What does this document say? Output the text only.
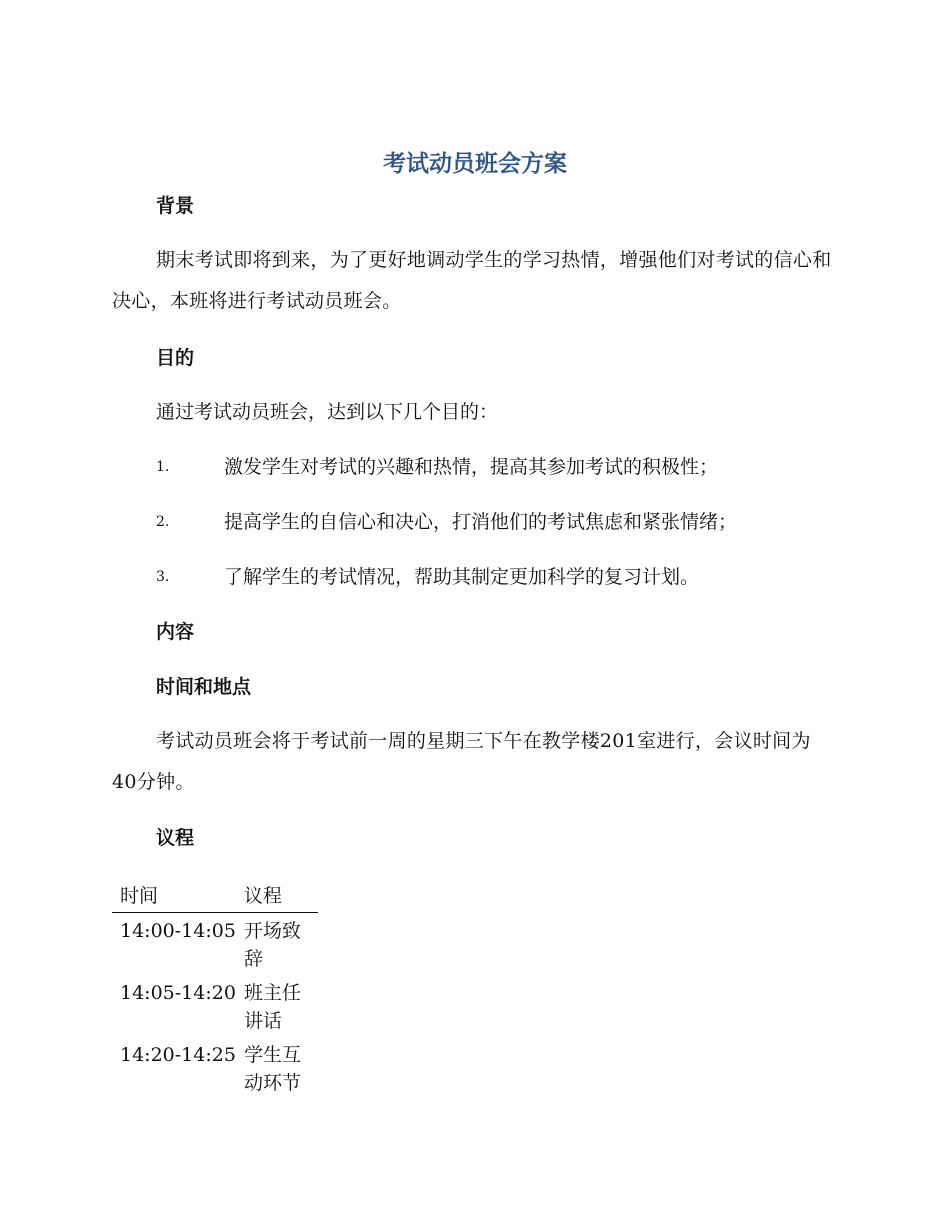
考试动员班会方案
背景
期末考试即将到来，为了更好地调动学生的学习热情，增强他们对考试的信心和决心，本班将进行考试动员班会。
目的
通过考试动员班会，达到以下几个目的：
1.	激发学生对考试的兴趣和热情，提高其参加考试的积极性；
2.	提高学生的自信心和决心，打消他们的考试焦虑和紧张情绪；
3.	了解学生的考试情况，帮助其制定更加科学的复习计划。
内容
时间和地点
考试动员班会将于考试前一周的星期三下午在教学楼201室进行，会议时间为40分钟。
议程
时间	议程
14:00-14:05	开场致辞
14:05-14:20	班主任讲话
14:20-14:25	学生互动环节
